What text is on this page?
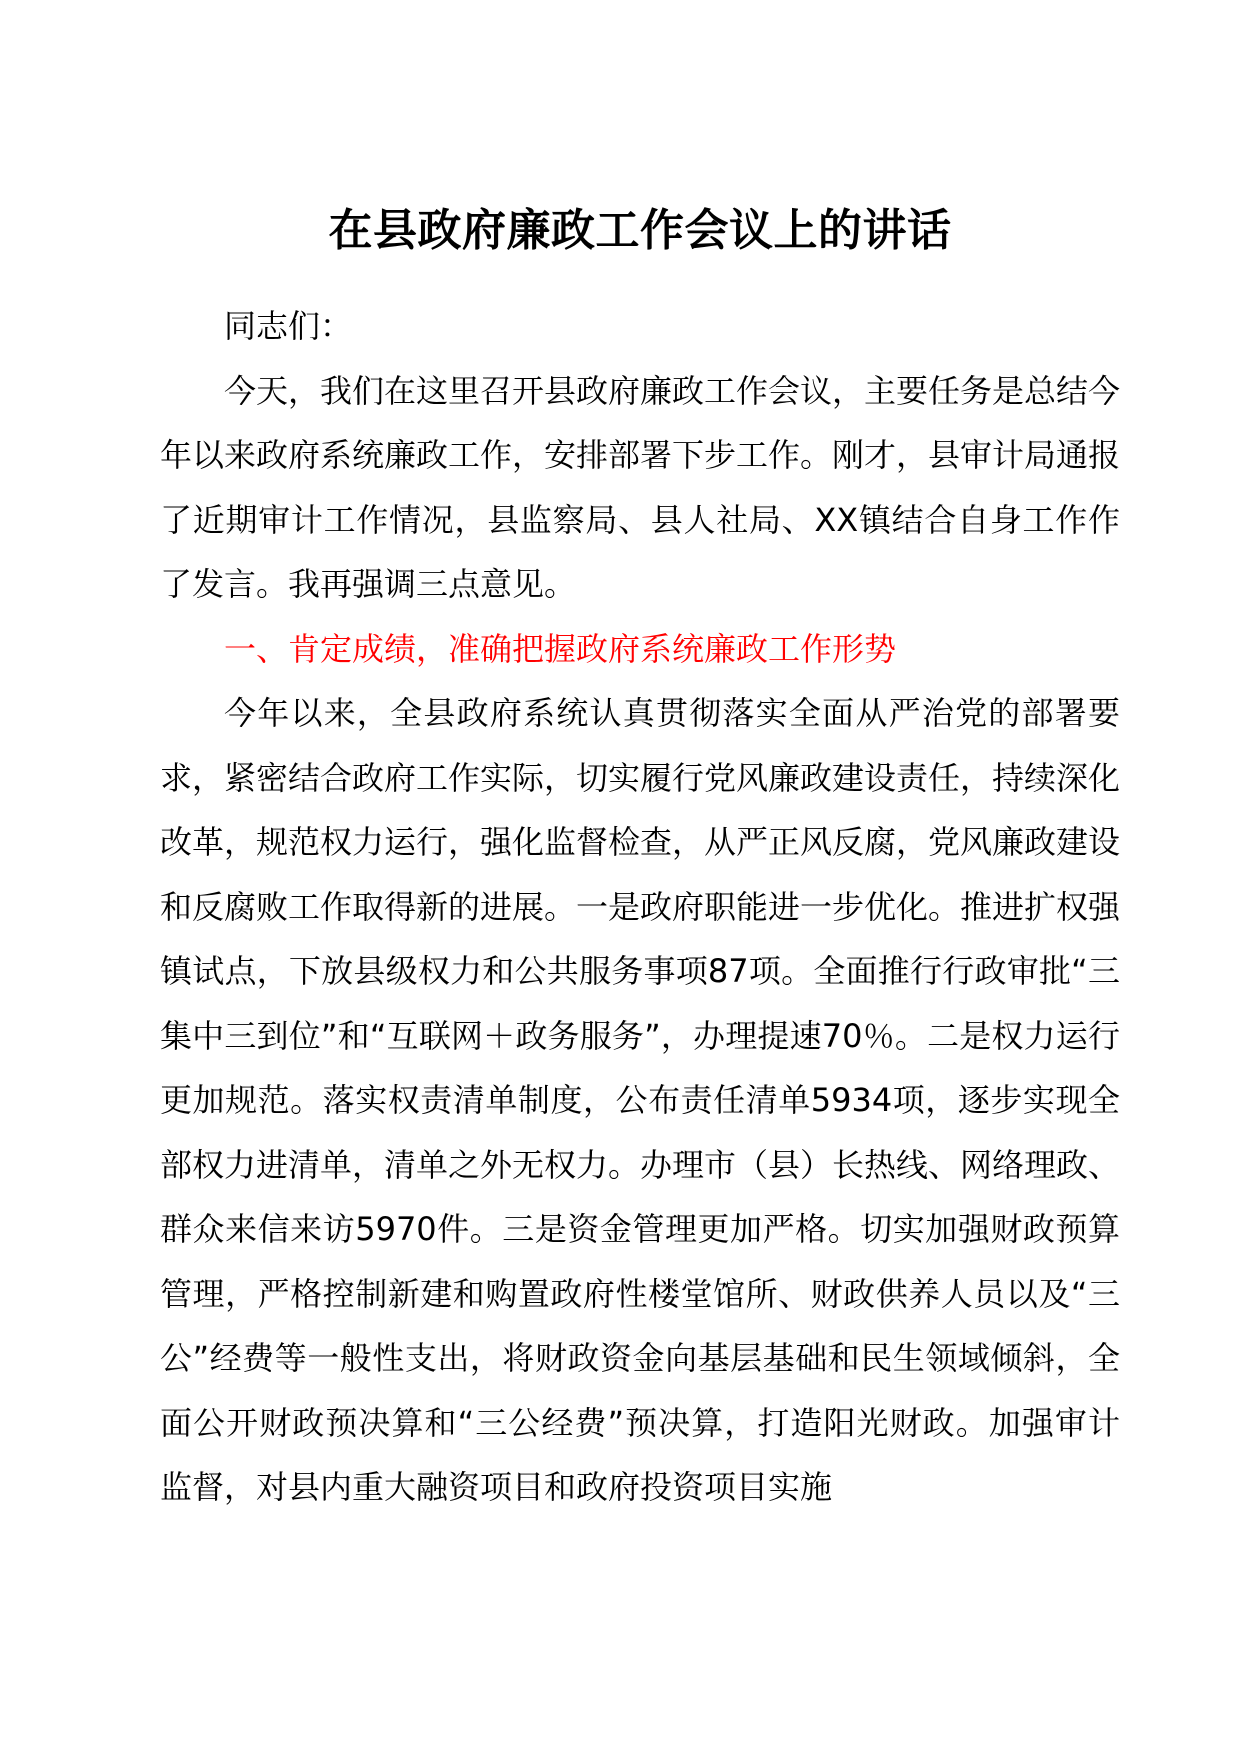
在县政府廉政工作会议上的讲话

同志们：

今天，我们在这里召开县政府廉政工作会议，主要任务是总结今年以来政府系统廉政工作，安排部署下步工作。刚才，县审计局通报了近期审计工作情况，县监察局、县人社局、XX镇结合自身工作作了发言。我再强调三点意见。

一、肯定成绩，准确把握政府系统廉政工作形势

今年以来，全县政府系统认真贯彻落实全面从严治党的部署要求，紧密结合政府工作实际，切实履行党风廉政建设责任，持续深化改革，规范权力运行，强化监督检查，从严正风反腐，党风廉政建设和反腐败工作取得新的进展。一是政府职能进一步优化。推进扩权强镇试点，下放县级权力和公共服务事项87项。全面推行行政审批“三集中三到位”和“互联网＋政务服务”，办理提速70％。二是权力运行更加规范。落实权责清单制度，公布责任清单5934项，逐步实现全部权力进清单，清单之外无权力。办理市（县）长热线、网络理政、群众来信来访5970件。三是资金管理更加严格。切实加强财政预算管理，严格控制新建和购置政府性楼堂馆所、财政供养人员以及“三公”经费等一般性支出，将财政资金向基层基础和民生领域倾斜，全面公开财政预决算和“三公经费”预决算，打造阳光财政。加强审计监督，对县内重大融资项目和政府投资项目实施
